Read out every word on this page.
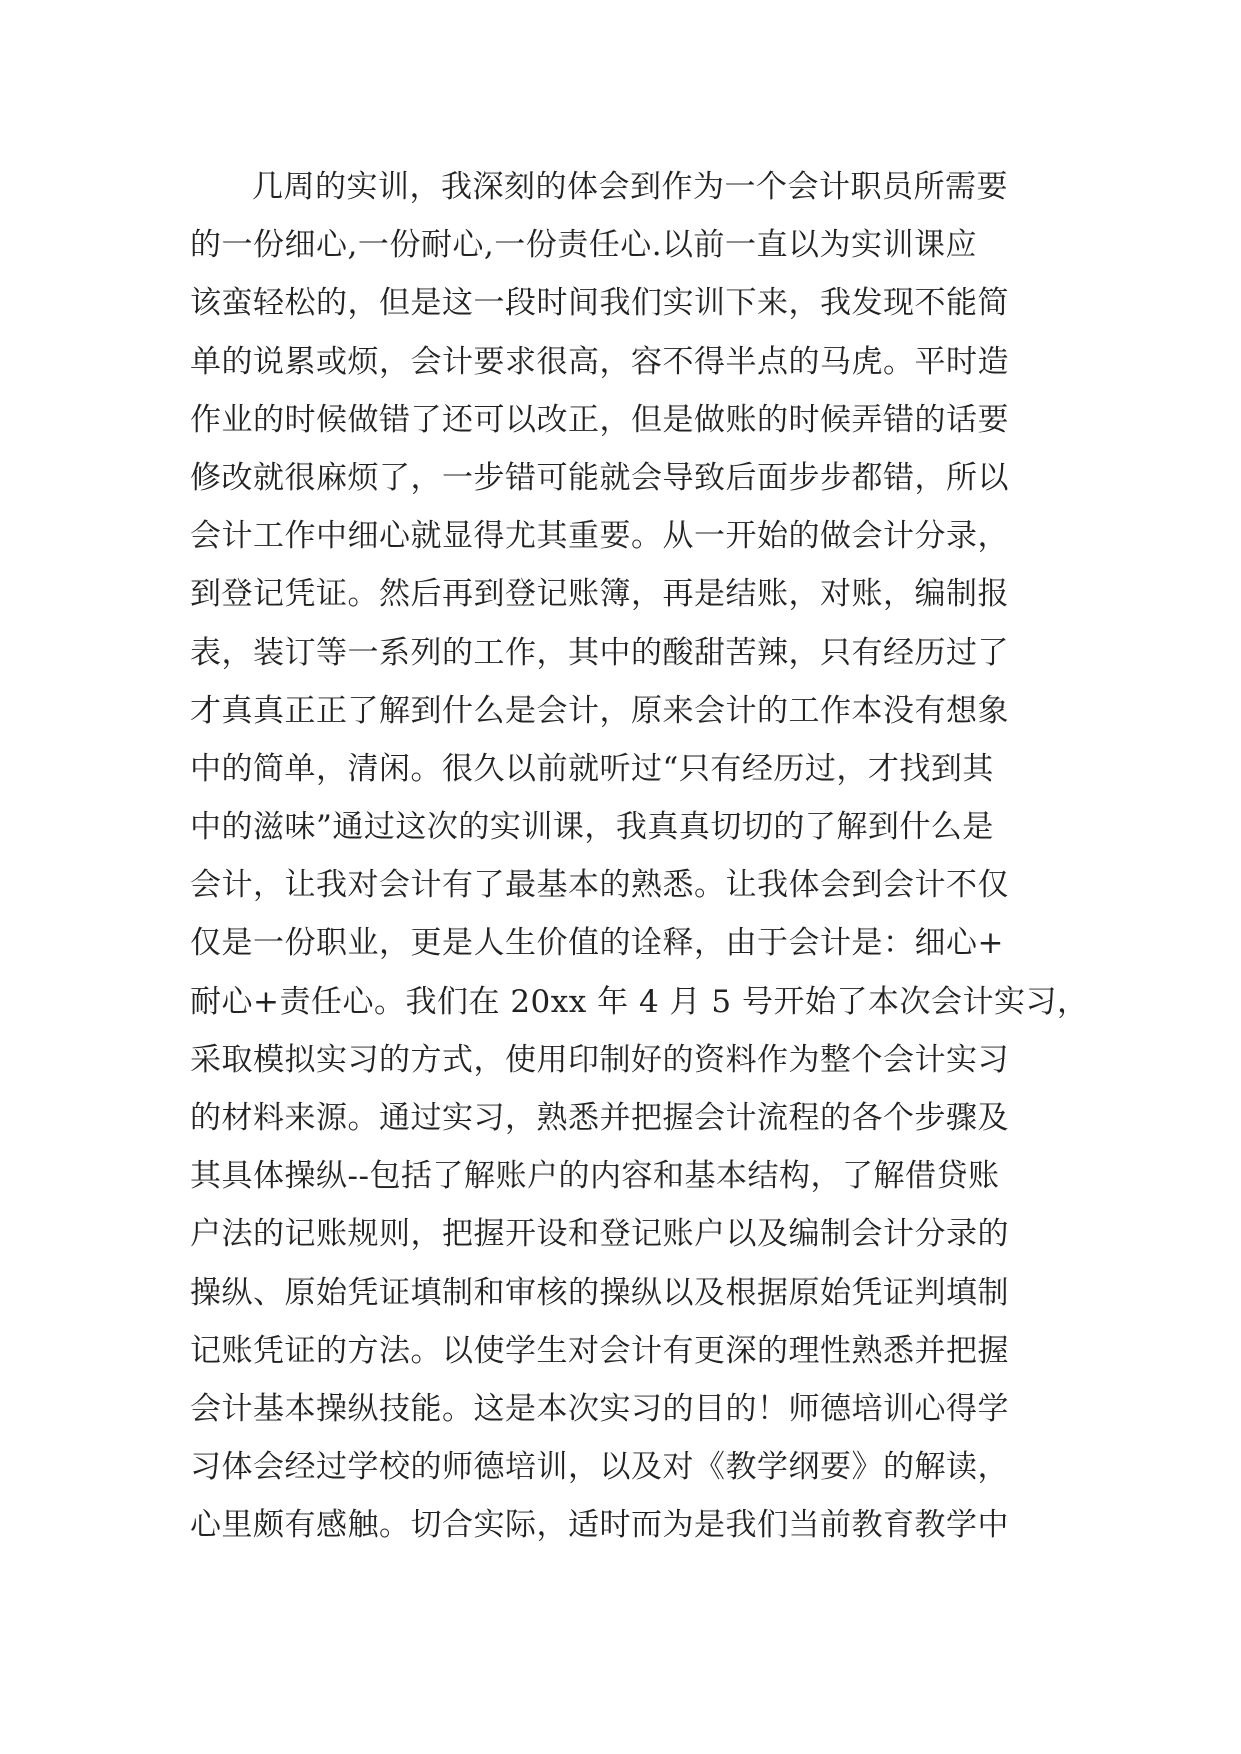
几周的实训，我深刻的体会到作为一个会计职员所需要
的一份细心,一份耐心,一份责任心.以前一直以为实训课应
该蛮轻松的，但是这一段时间我们实训下来，我发现不能简
单的说累或烦，会计要求很高，容不得半点的马虎。平时造
作业的时候做错了还可以改正，但是做账的时候弄错的话要
修改就很麻烦了，一步错可能就会导致后面步步都错，所以
会计工作中细心就显得尤其重要。从一开始的做会计分录，
到登记凭证。然后再到登记账簿，再是结账，对账，编制报
表，装订等一系列的工作，其中的酸甜苦辣，只有经历过了
才真真正正了解到什么是会计，原来会计的工作本没有想象
中的简单，清闲。很久以前就听过“只有经历过，才找到其
中的滋味”通过这次的实训课，我真真切切的了解到什么是
会计，让我对会计有了最基本的熟悉。让我体会到会计不仅
仅是一份职业，更是人生价值的诠释，由于会计是：细心+
耐心+责任心。我们在 20xx 年 4 月 5 号开始了本次会计实习，
采取模拟实习的方式，使用印制好的资料作为整个会计实习
的材料来源。通过实习，熟悉并把握会计流程的各个步骤及
其具体操纵--包括了解账户的内容和基本结构，了解借贷账
户法的记账规则，把握开设和登记账户以及编制会计分录的
操纵、原始凭证填制和审核的操纵以及根据原始凭证判填制
记账凭证的方法。以使学生对会计有更深的理性熟悉并把握
会计基本操纵技能。这是本次实习的目的！师德培训心得学
习体会经过学校的师德培训，以及对《教学纲要》的解读，
心里颇有感触。切合实际，适时而为是我们当前教育教学中
